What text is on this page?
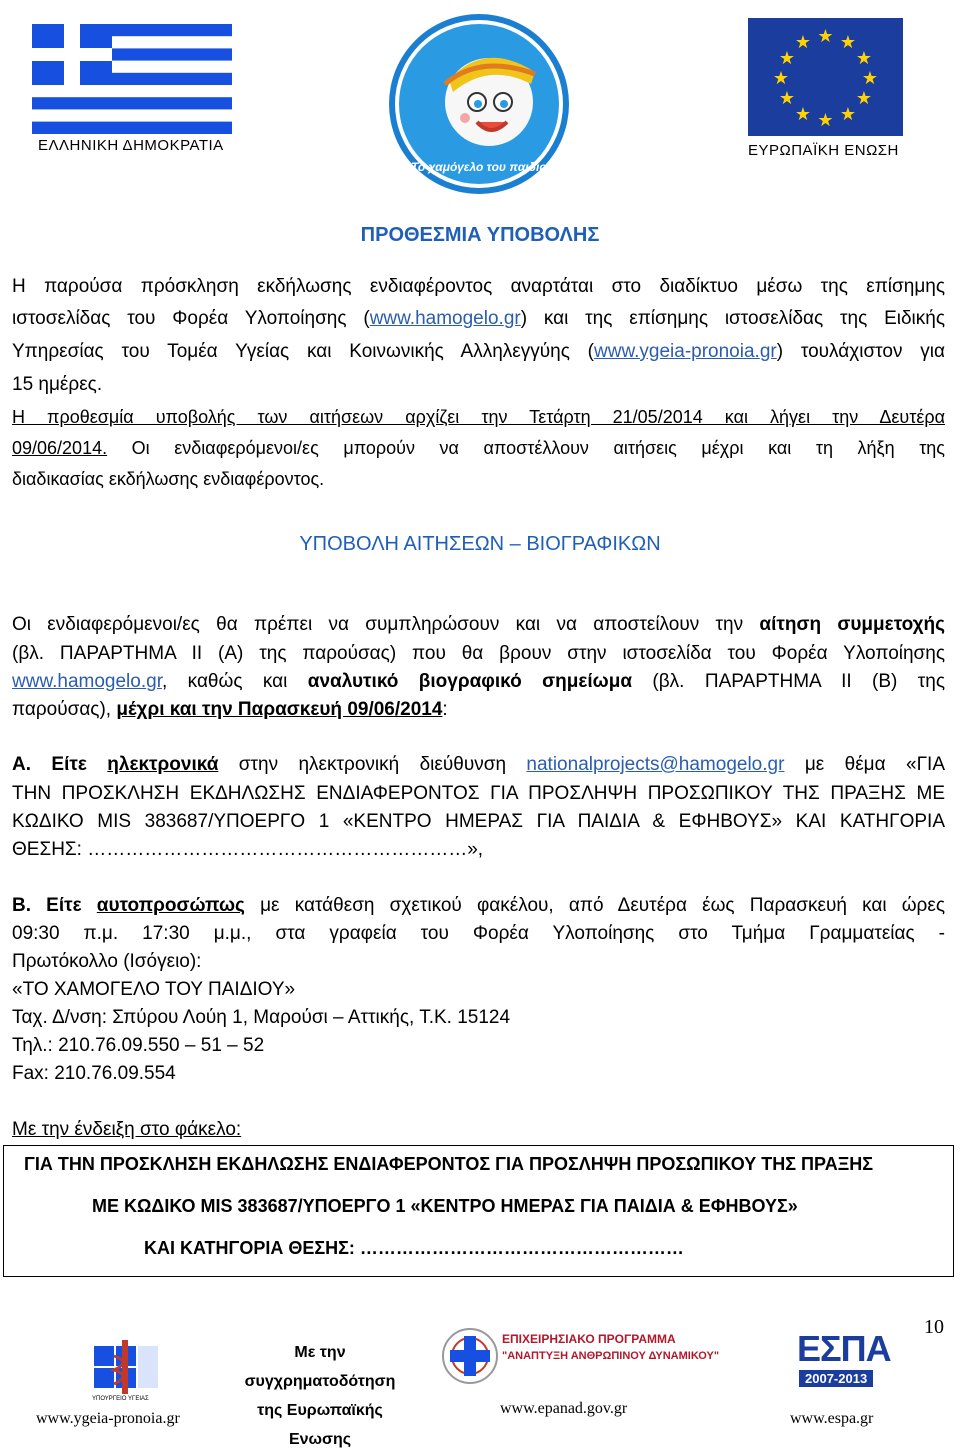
ΕΛΛΗΝΙΚΗ ΔΗΜΟΚΡΑΤΙΑ
Το χαμόγελο του παιδιού
★ ★
★
★
★
★
★
★
★
★
★
★
ΕΥΡΩΠΑΪΚΗ ΕΝΩΣΗ
ΠΡΟΘΕΣΜΙΑ ΥΠΟΒΟΛΗΣ
Η παρούσα πρόσκληση εκδήλωσης ενδιαφέροντος αναρτάται στο διαδίκτυο μέσω της επίσημης
ιστοσελίδας του Φορέα Υλοποίησης (www.hamogelo.gr) και της επίσημης ιστοσελίδας της Ειδικής
Υπηρεσίας του Τομέα Υγείας και Κοινωνικής Αλληλεγγύης (www.ygeia-pronoia.gr) τουλάχιστον για
15 ημέρες.
Η προθεσμία υποβολής των αιτήσεων αρχίζει την Τετάρτη 21/05/2014 και λήγει την Δευτέρα
09/06/2014. Οι ενδιαφερόμενοι/ες μπορούν να αποστέλλουν αιτήσεις μέχρι και τη λήξη της
διαδικασίας εκδήλωσης ενδιαφέροντος.
ΥΠΟΒΟΛΗ ΑΙΤΗΣΕΩΝ – ΒΙΟΓΡΑΦΙΚΩΝ
Οι ενδιαφερόμενοι/ες θα πρέπει να συμπληρώσουν και να αποστείλουν την αίτηση συμμετοχής
(βλ. ΠΑΡΑΡΤΗΜΑ ΙΙ (Α) της παρούσας) που θα βρουν στην ιστοσελίδα του Φορέα Υλοποίησης
www.hamogelo.gr, καθώς και αναλυτικό βιογραφικό σημείωμα (βλ. ΠΑΡΑΡΤΗΜΑ ΙΙ (Β) της
παρούσας), μέχρι και την Παρασκευή 09/06/2014:
Α. Είτε ηλεκτρονικά στην ηλεκτρονική διεύθυνση nationalprojects@hamogelo.gr με θέμα «ΓΙΑ
ΤΗΝ ΠΡΟΣΚΛΗΣΗ ΕΚΔΗΛΩΣΗΣ ΕΝΔΙΑΦΕΡΟΝΤΟΣ ΓΙΑ ΠΡΟΣΛΗΨΗ ΠΡΟΣΩΠΙΚΟΥ ΤΗΣ ΠΡΑΞΗΣ ΜΕ
ΚΩΔΙΚΟ MIS 383687/ΥΠΟΕΡΓΟ 1 «ΚΕΝΤΡΟ ΗΜΕΡΑΣ ΓΙΑ ΠΑΙΔΙΑ & ΕΦΗΒΟΥΣ» ΚΑΙ ΚΑΤΗΓΟΡΙΑ
ΘΕΣΗΣ: ……………………………………………………»,
Β. Είτε αυτοπροσώπως με κατάθεση σχετικού φακέλου, από Δευτέρα έως Παρασκευή και ώρες
09:30 π.μ. 17:30 μ.μ., στα γραφεία του Φορέα Υλοποίησης στο Τμήμα Γραμματείας -
Πρωτόκολλο (Ισόγειο):
«ΤΟ ΧΑΜΟΓΕΛΟ ΤΟΥ ΠΑΙΔΙΟΥ»
Ταχ. Δ/νση: Σπύρου Λούη 1, Μαρούσι – Αττικής, Τ.Κ. 15124
Τηλ.: 210.76.09.550 – 51 – 52
Fax: 210.76.09.554
Με την ένδειξη στο φάκελο:
ΓΙΑ ΤΗΝ ΠΡΟΣΚΛΗΣΗ ΕΚΔΗΛΩΣΗΣ ΕΝΔΙΑΦΕΡΟΝΤΟΣ ΓΙΑ ΠΡΟΣΛΗΨΗ ΠΡΟΣΩΠΙΚΟΥ ΤΗΣ ΠΡΑΞΗΣ
ΜΕ ΚΩΔΙΚΟ MIS 383687/ΥΠΟΕΡΓΟ 1 «ΚΕΝΤΡΟ ΗΜΕΡΑΣ ΓΙΑ ΠΑΙΔΙΑ & ΕΦΗΒΟΥΣ»
ΚΑΙ ΚΑΤΗΓΟΡΙΑ ΘΕΣΗΣ: ………………………………………………
10
ΥΠΟΥΡΓΕΙΟ ΥΓΕΙΑΣ
www.ygeia-pronoia.gr
Με την
συγχρηματοδότηση
της Ευρωπαϊκής
Ενωσης
ΕΠΙΧΕΙΡΗΣΙΑΚΟ ΠΡΟΓΡΑΜΜΑ
"ΑΝΑΠΤΥΞΗ ΑΝΘΡΩΠΙΝΟΥ ΔΥΝΑΜΙΚΟΥ"
www.epanad.gov.gr
ΕΣΠΑ
2007-2013
www.espa.gr
